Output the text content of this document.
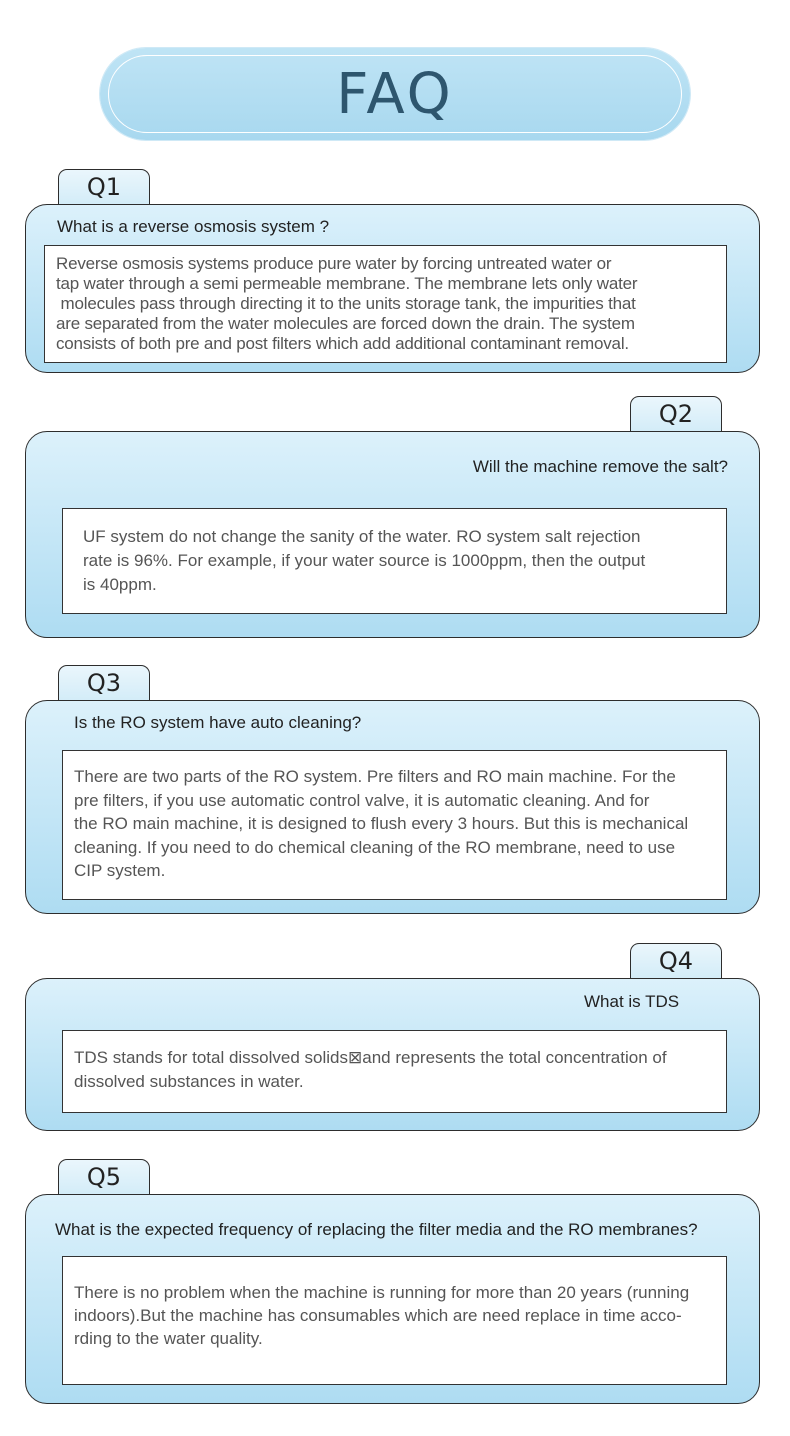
FAQ
Q1
What is a reverse osmosis system ?
Reverse osmosis systems produce pure water by forcing untreated water or
tap water through a semi permeable membrane. The membrane lets only water
molecules pass through directing it to the units storage tank, the impurities that
are separated from the water molecules are forced down the drain. The system
consists of both pre and post filters which add additional contaminant removal.
Q2
Will the machine remove the salt?
UF system do not change the sanity of the water. RO system salt rejection
rate is 96%. For example, if your water source is 1000ppm, then the output
is 40ppm.
Q3
Is the RO system have auto cleaning?
There are two parts of the RO system. Pre filters and RO main machine. For the
pre filters, if you use automatic control valve, it is automatic cleaning. And for
the RO main machine, it is designed to flush every 3 hours. But this is mechanical
cleaning. If you need to do chemical cleaning of the RO membrane, need to use
CIP system.
Q4
What is TDS
TDS stands for total dissolved solids⊠and represents the total concentration of
dissolved substances in water.
Q5
What is the expected frequency of replacing the filter media and the RO membranes?
There is no problem when the machine is running for more than 20 years (running
indoors).But the machine has consumables which are need replace in time acco-
rding to the water quality.
